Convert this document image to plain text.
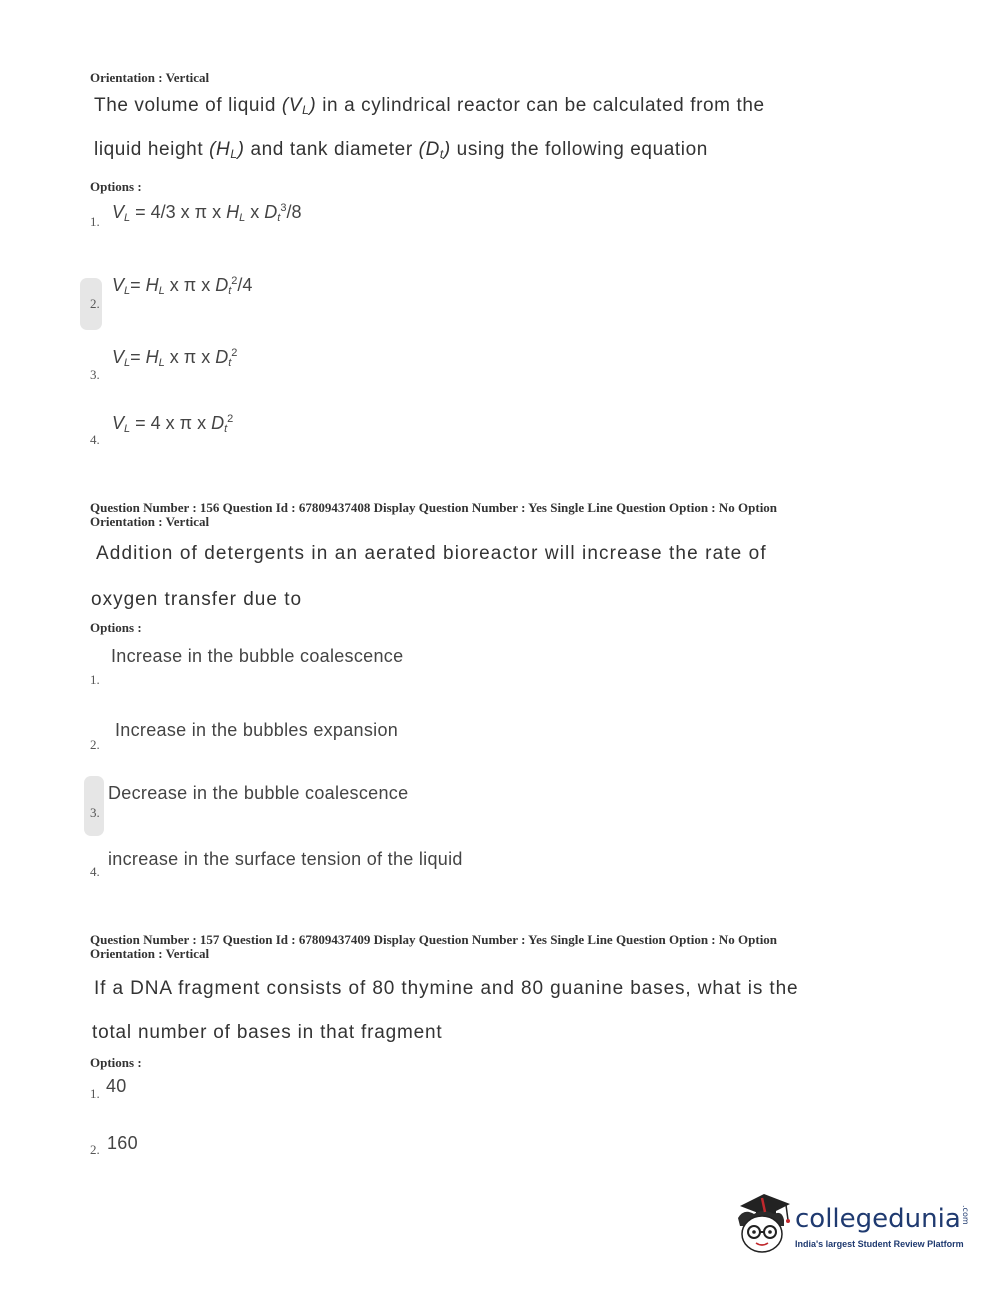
Orientation : Vertical
The volume of liquid $(V_L)$ in a cylindrical reactor can be calculated from the
liquid height $(H_L)$ and tank diameter $(D_t)$ using the following equation
Options :
1. $V_L = 4/3$ x π x $H_L$ x $D_t^3/8$
2.
$V_L= H_L$ x π x $D_t^2/4$
3.
$V_L= H_L$ x π x $D_t^2$
4.
$V_L = 4$ x π x $D_t^2$
Question Number : 156 Question Id : 67809437408 Display Question Number : Yes Single Line Question Option : No Option
Orientation : Vertical
Addition of detergents in an aerated bioreactor will increase the rate of
oxygen transfer due to
Options :
1.
Increase in the bubble coalescence
2.
Increase in the bubbles expansion
3.
Decrease in the bubble coalescence
4.
increase in the surface tension of the liquid
Question Number : 157 Question Id : 67809437409 Display Question Number : Yes Single Line Question Option : No Option
Orientation : Vertical
If a DNA fragment consists of 80 thymine and 80 guanine bases, what is the
total number of bases in that fragment
Options :
1. 40
2. 160
collegedunia.com
India's largest Student Review Platform
